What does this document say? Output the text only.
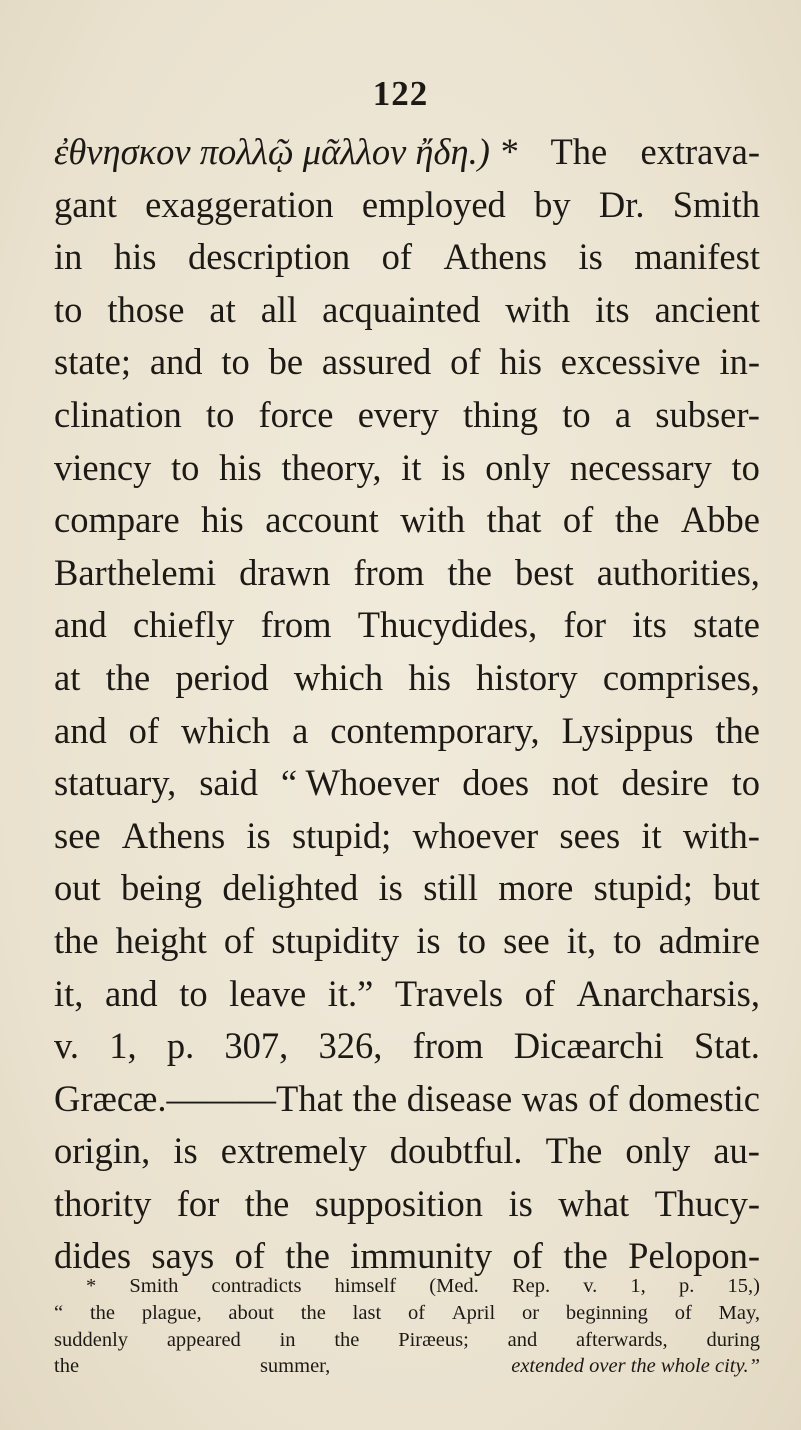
122
ἐθνησκον πολλῷ μᾶλλον ἤδη.) * The extrava-
gant exaggeration employed by Dr. Smith
in his description of Athens is manifest
to those at all acquainted with its ancient
state; and to be assured of his excessive in-
clination to force every thing to a subser-
viency to his theory, it is only necessary to
compare his account with that of the Abbe
Barthelemi drawn from the best authorities,
and chiefly from Thucydides, for its state
at the period which his history comprises,
and of which a contemporary, Lysippus the
statuary, said “ Whoever does not desire to
see Athens is stupid; whoever sees it with-
out being delighted is still more stupid; but
the height of stupidity is to see it, to admire
it, and to leave it.” Travels of Anarcharsis,
v. 1, p. 307, 326, from Dicæarchi Stat.
Græcæ.———That the disease was of domestic
origin, is extremely doubtful. The only au-
thority for the supposition is what Thucy-
dides says of the immunity of the Pelopon-
* Smith contradicts himself (Med. Rep. v. 1, p. 15,)
“ the plague, about the last of April or beginning of May,
suddenly appeared in the Piræeus; and afterwards, during
the	summer,	extended over the whole city.”
